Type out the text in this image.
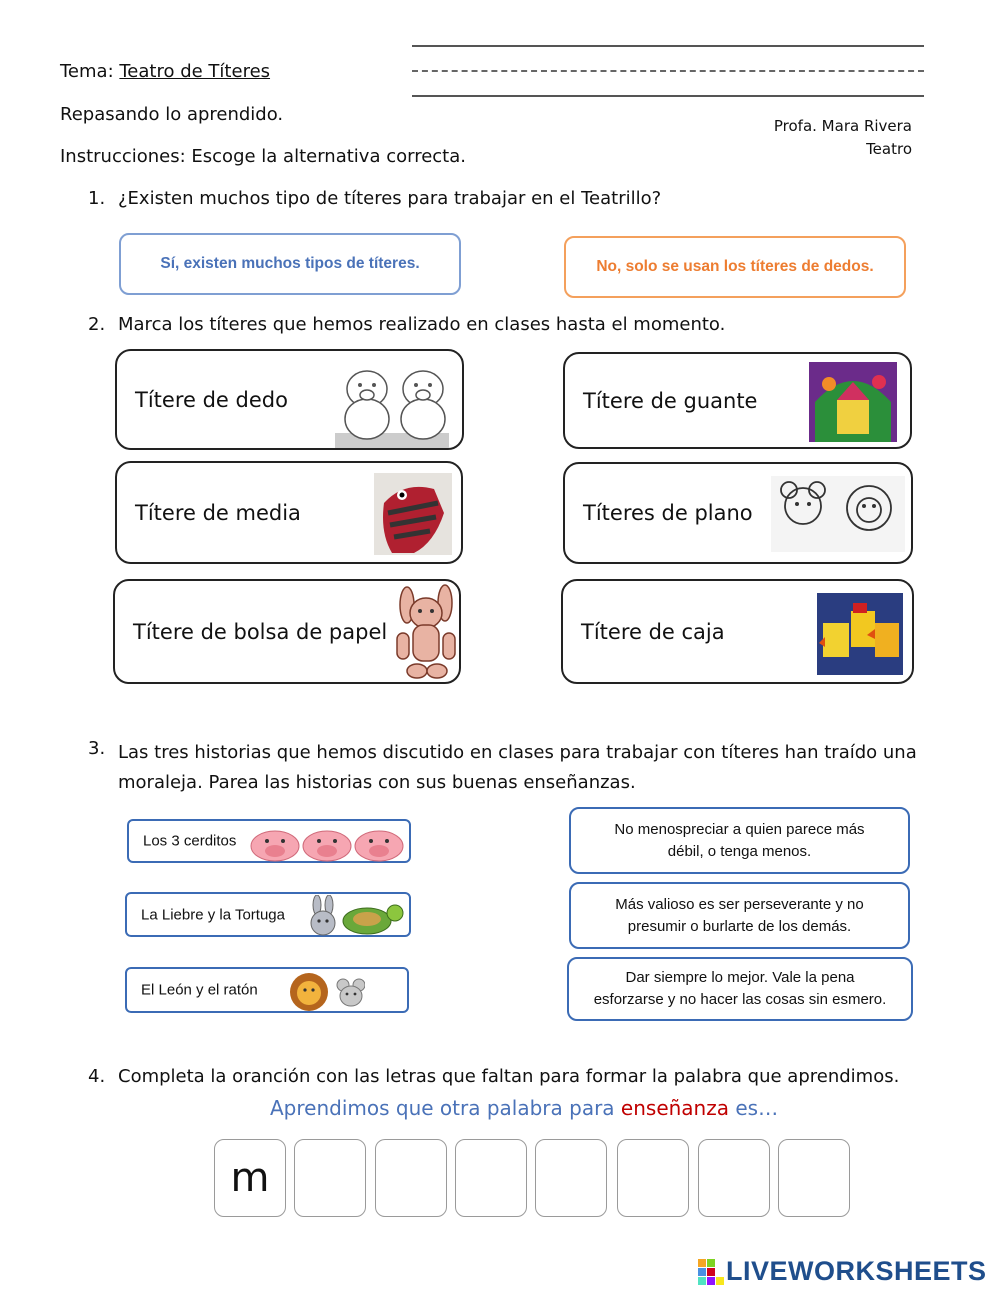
Tema: Teatro de Títeres
Repasando lo aprendido.
Instrucciones: Escoge la alternativa correcta.
Profa. Mara Rivera
Teatro
1. ¿Existen muchos tipo de títeres para trabajar en el Teatrillo?
Sí, existen muchos tipos de títeres.	No, solo se usan los títeres de dedos.
2. Marca los títeres que hemos realizado en clases hasta el momento.
Títere de dedo	Títere de guante
Títere de media	Títeres de plano
Títere de bolsa de papel	Títere de caja
3. Las tres historias que hemos discutido en clases para trabajar con títeres han traído una
moraleja. Parea las historias con sus buenas enseñanzas.
Los 3 cerditos
La Liebre y la Tortuga
El León y el ratón
No menospreciar a quien parece más
débil, o tenga menos.
Más valioso es ser perseverante y no
presumir o burlarte de los demás.
Dar siempre lo mejor. Vale la pena
esforzarse y no hacer las cosas sin esmero.
4. Completa la oranción con las letras que faltan para formar la palabra que aprendimos.
Aprendimos que otra palabra para enseñanza es…
m
LIVEWORKSHEETS
